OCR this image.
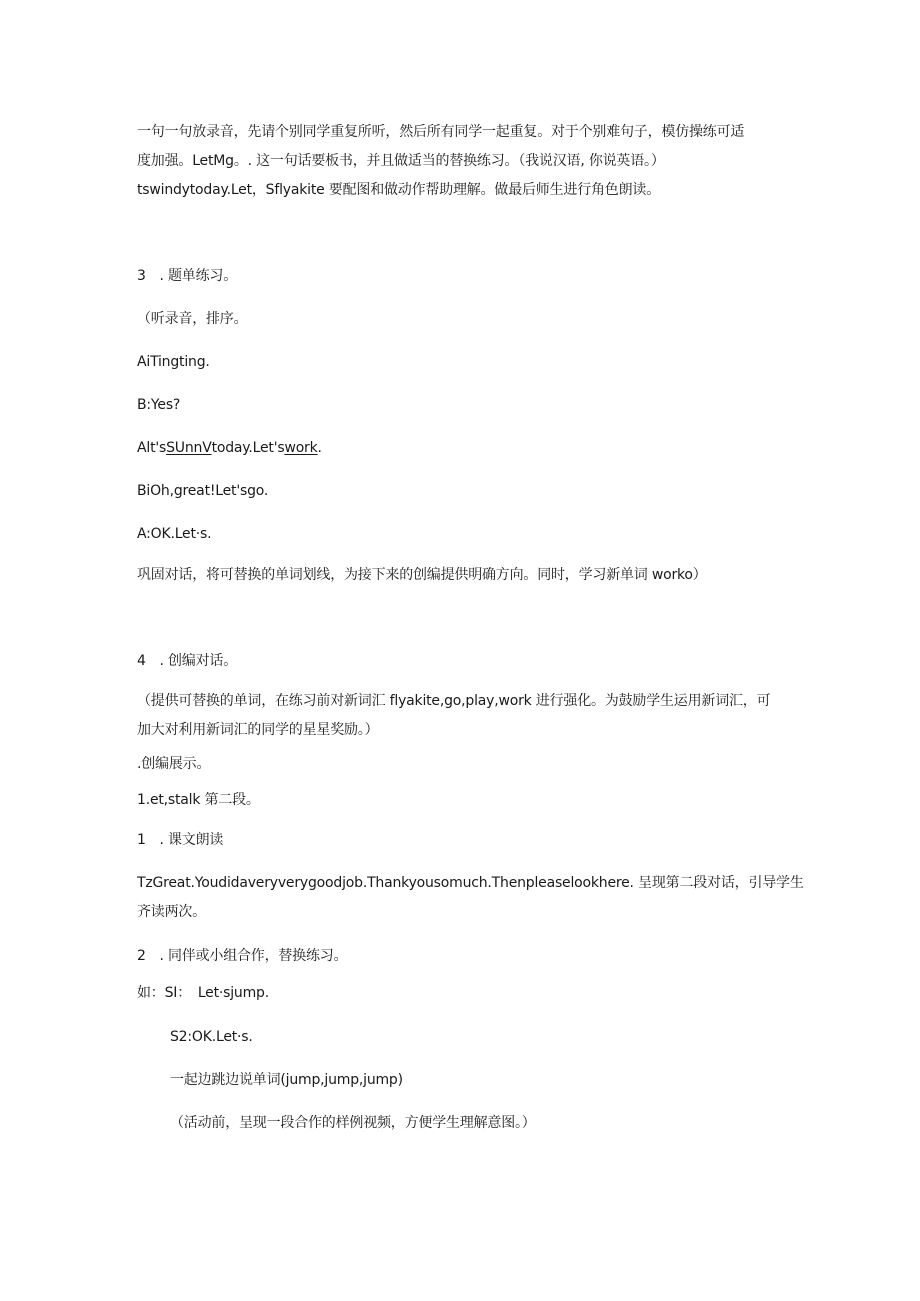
一句一句放录音，先请个别同学重复所听，然后所有同学一起重复。对于个别难句子，模仿操练可适
度加强。LetMg。. 这一句话要板书，并且做适当的替换练习。（我说汉语, 你说英语。）
tswindytoday.Let，Sflyakite 要配图和做动作帮助理解。做最后师生进行角色朗读。
3　. 题单练习。
（听录音，排序。
AiTingting.
B:Yes?
Alt'sSUnnVtoday.Let'swork.
BiOh,great!Let'sgo.
A:OK.Let·s.
巩固对话，将可替换的单词划线，为接下来的创编提供明确方向。同时，学习新单词 worko）
4　. 创编对话。
（提供可替换的单词，在练习前对新词汇 flyakite,go,play,work 进行强化。为鼓励学生运用新词汇，可
加大对利用新词汇的同学的星星奖励。）
.创编展示。
1.et,stalk 第二段。
1　. 课文朗读
TzGreat.Youdidaveryverygoodjob.Thankyousomuch.Thenpleaselookhere. 呈现第二段对话，引导学生
齐读两次。
2　. 同伴或小组合作，替换练习。
如：SI：　 Let·sjump.
S2:OK.Let·s.
一起边跳边说单词(jump,jump,jump)
（活动前，呈现一段合作的样例视频，方便学生理解意图。）
